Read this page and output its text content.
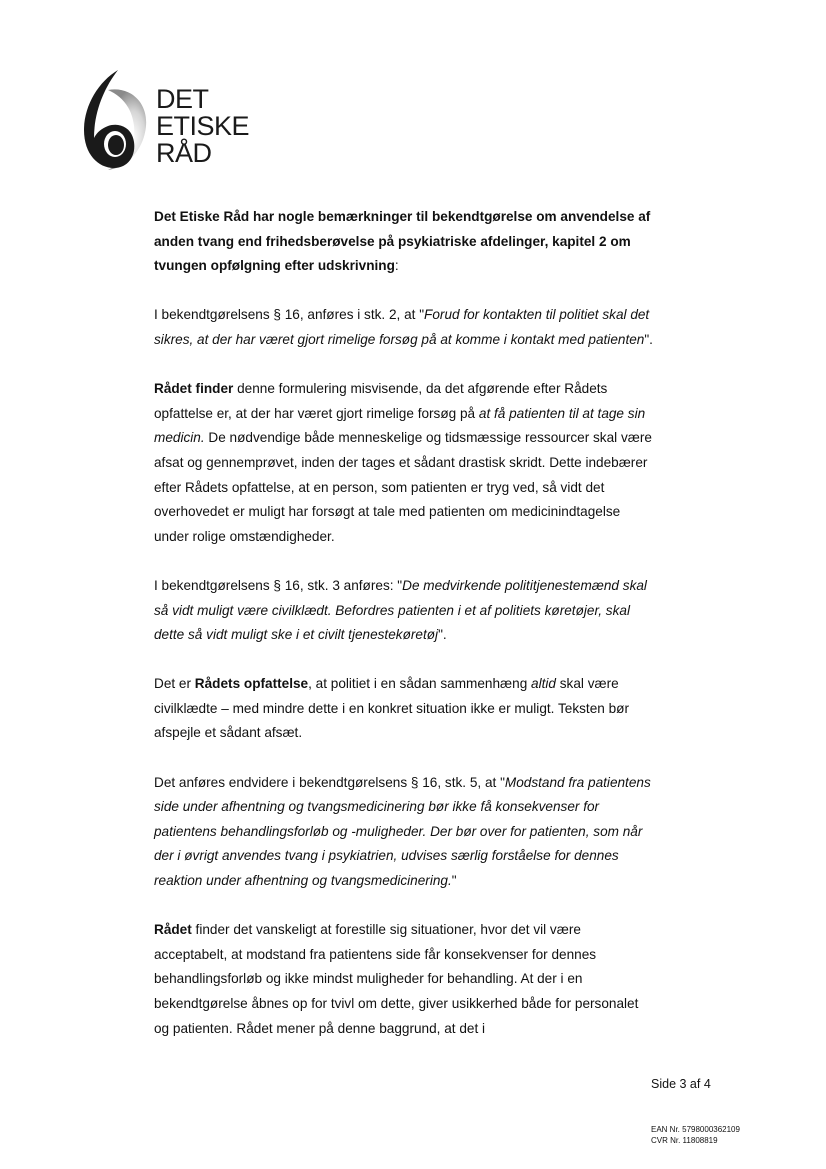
DET
ETISKE
RÅD

Det Etiske Råd har nogle bemærkninger til bekendtgørelse om anvendelse af anden tvang end frihedsberøvelse på psykiatriske afdelinger, kapitel 2 om tvungen opfølgning efter udskrivning:

I bekendtgørelsens § 16, anføres i stk. 2, at "Forud for kontakten til politiet skal det sikres, at der har været gjort rimelige forsøg på at komme i kontakt med patienten".

Rådet finder denne formulering misvisende, da det afgørende efter Rådets opfattelse er, at der har været gjort rimelige forsøg på at få patienten til at tage sin medicin. De nødvendige både menneskelige og tidsmæssige ressourcer skal være afsat og gennemprøvet, inden der tages et sådant drastisk skridt. Dette indebærer efter Rådets opfattelse, at en person, som patienten er tryg ved, så vidt det overhovedet er muligt har forsøgt at tale med patienten om medicinindtagelse under rolige omstændigheder.

I bekendtgørelsens § 16, stk. 3 anføres: "De medvirkende polititjenestemænd skal så vidt muligt være civilklædt. Befordres patienten i et af politiets køretøjer, skal dette så vidt muligt ske i et civilt tjenestekøretøj".

Det er Rådets opfattelse, at politiet i en sådan sammenhæng altid skal være civilklædte – med mindre dette i en konkret situation ikke er muligt. Teksten bør afspejle et sådant afsæt.

Det anføres endvidere i bekendtgørelsens § 16, stk. 5, at "Modstand fra patientens side under afhentning og tvangsmedicinering bør ikke få konsekvenser for patientens behandlingsforløb og -muligheder. Der bør over for patienten, som når der i øvrigt anvendes tvang i psykiatrien, udvises særlig forståelse for dennes reaktion under afhentning og tvangsmedicinering."

Rådet finder det vanskeligt at forestille sig situationer, hvor det vil være acceptabelt, at modstand fra patientens side får konsekvenser for dennes behandlingsforløb og ikke mindst muligheder for behandling. At der i en bekendtgørelse åbnes op for tvivl om dette, giver usikkerhed både for personalet og patienten. Rådet mener på denne baggrund, at det i

Side 3 af 4
EAN Nr. 5798000362109
CVR Nr. 11808819
